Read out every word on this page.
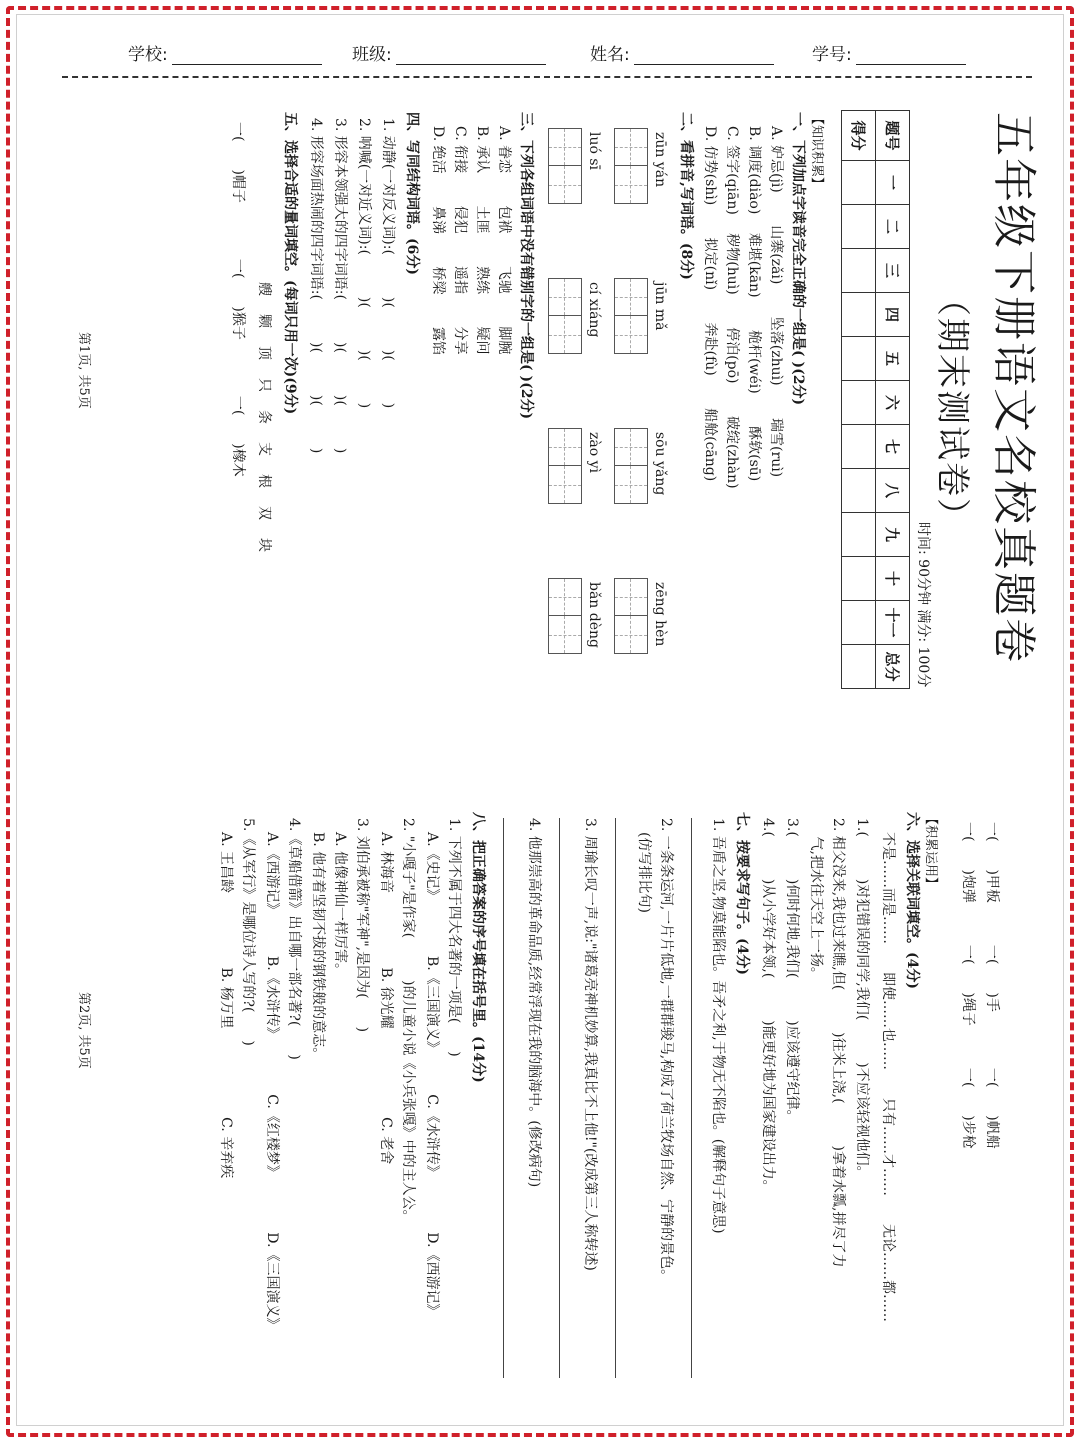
学校:	班级:	姓名:	学号:
五年级下册语文名校真题卷
（期末测试卷）
时间: 90分钟 满分: 100分
题号	一	二	三	四	五	六	七	八	九	十	十一	总分
得分												
【知识积累】
一、下列加点字读音完全正确的一组是( )(2分)
A. 妒忌(jì)　　 山寨(zǎi)　　 坠落(zhuì)　　 瑞雪(ruì)
B. 调度(diào)　 难堪(kān)　　 桅杆(wéi)　　 酥软(sū)
C. 签字(qiān)　 秽物(huì)　　 停泊(pō)　　 破绽(zhàn)
D. 仿势(shì)　　 拟定(nǐ)　　 奔赴(fù)　　 船舱(cāng)
二、看拼音,写词语。(8分)
zūn yán
jūn mǎ
sōu yǎng
zēng hèn
luó sī
cí xiáng
zào yì
bǎn dèng
三、下列各组词语中没有错别字的一组是( )(2分)
A. 眷恋　　 包袱　　 飞驰　　 脚腕
B. 承认　　 土匪　　 熟练　　 疑问
C. 衔接　　 侵犯　　 遥指　　 分享
D. 绝活　　 鼻涕　　 桥梁　　 露馅
四、写同结构词语。(6分)
1. 动静(一对反义词):(　　　)(　　　)(　　　)
2. 呐喊(一对近义词):(　　　)(　　　)(　　　)
3. 形容本领强大的四字词语:(　　　)(　　　)(　　　)
4. 形容场面热闹的四字词语:(　　　)(　　　)(　　　)
五、选择合适的量词填空。(每词只用一次)(9分)
艘　颗　顶　只　条　支　根　双　块
一(　　)帽子　　　　一(　　)猴子　　　　一(　　)橡木
第1页, 共5页
一(　　)甲板　　　一(　　)手　　　　一(　　)帆船
一(　　)炮弹　　　一(　　)绳子　　　一(　　)步枪
【积累运用】
六、选择关联词填空。(4分)
不是……而是……　　即使……也……　　只有……才……　　无论……都……
1.(　　　)对犯错误的同学,我们(　　　)不应该轻视他们。
2. 相父没来,我也过来瞧,但(　　　)往米上浇,(　　　)拿着水瓢,拼尽了力
　 气,把水往天空上一扬。
3.(　　　)何时何地,我们(　　　)应该遵守纪律。
4.(　　　)从小学好本领,(　　　)能更好地为国家建设出力。
七、按要求写句子。(4分)
1. 吾盾之坚,物莫能陷也。吾矛之利,于物无不陷也。(解释句子意思)
2. 一条条运河,一片片低地,一群群骏马,构成了荷兰牧场自然、宁静的景色。
　(仿写排比句)
3. 周瑜长叹一声,说:"诸葛亮神机妙算,我真比不上他!"(改成第三人称转述)
4. 他那崇高的革命品质,经常浮现在我的脑海中。(修改病句)
八、把正确答案的序号填在括号里。(14分)
1. 下列不属于四大名著的一项是(　　)
A.《史记》　　　　 B.《三国演义》　　　 C.《水浒传》　　　　 D.《西游记》
2. "小嘎子"是作家(　　　)的儿童小说《小兵张嘎》中的主人公。
A. 林海音　　　　　 B. 徐光耀　　　　　　 C. 老舍
3. 刘伯承被称"军神",是因为(　　)
A. 他像神仙一样厉害。
B. 他有着坚韧不拔的钢铁般的意志。
4.《草船借箭》出自哪一部名著?(　　)
A.《西游记》　　　 B.《水浒传》　　　　 C.《红楼梦》　　　　 D.《三国演义》
5.《从军行》是哪位诗人写的?(　　)
A. 王昌龄　　　　　 B. 杨万里　　　　　　 C. 辛弃疾
第2页, 共5页
